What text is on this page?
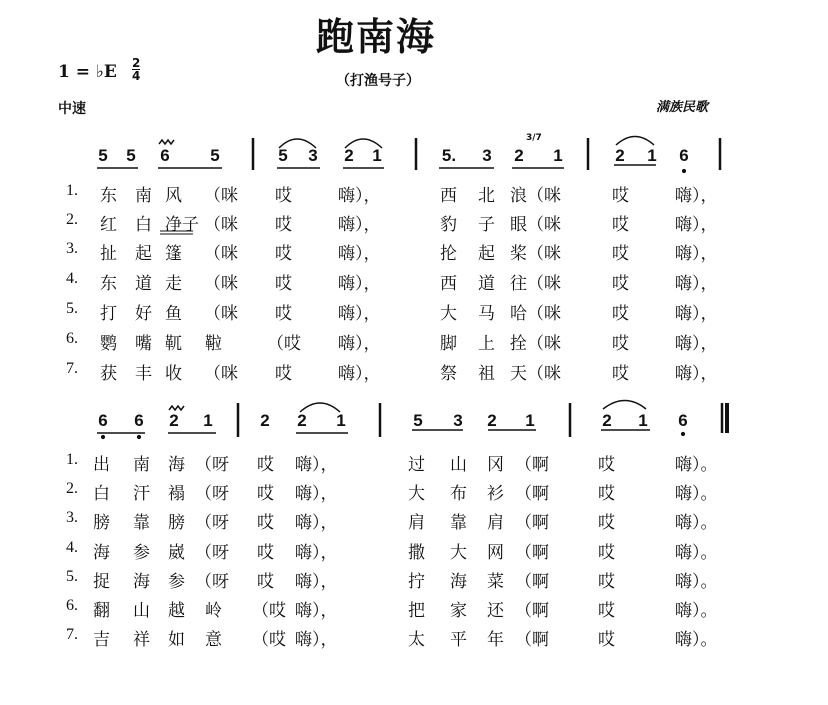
跑南海
（打渔号子）
1 = ♭E 2
4
中速	满族民歌
5 5 6 5	5 3 2 1	5. 3 2 1	2 1 6
6 6 2 1	2 2 1	5 3 2 1	2 1 6
1. 东 南 风 （咪 哎	嗨），	西 北 浪（咪	哎	嗨），
2. 红 白 净子 （咪 哎	嗨），	豹 子 眼（咪	哎	嗨），
3. 扯 起 篷 （咪 哎	嗨），	抡 起 桨（咪	哎	嗨），
4. 东 道 走 （咪 哎	嗨），	西 道 往（咪	哎	嗨），
5. 打 好 鱼 （咪 哎	嗨），	大 马 哈（咪	哎	嗨），
6. 鹦 嘴 靰 鞡	（哎 嗨），	脚 上 拴（咪	哎	嗨），
7. 获 丰 收 （咪 哎	嗨），	祭 祖 天（咪	哎	嗨），
1. 出 南 海 （呀 哎 嗨），	过 山 冈 （啊	哎	嗨）。
2. 白 汗 褟 （呀 哎 嗨），	大 布 衫 （啊	哎	嗨）。
3. 膀 靠 膀 （呀 哎 嗨），	肩 靠 肩 （啊	哎	嗨）。
4. 海 参 崴 （呀 哎 嗨），	撒 大 网 （啊	哎	嗨）。
5. 捉 海 参 （呀 哎 嗨），	拧 海 菜 （啊	哎	嗨）。
6. 翻 山 越 岭 （哎 嗨），	把 家 还 （啊	哎	嗨）。
7. 吉 祥 如 意 （哎 嗨），	太 平 年 （啊	哎	嗨）。
3/7
